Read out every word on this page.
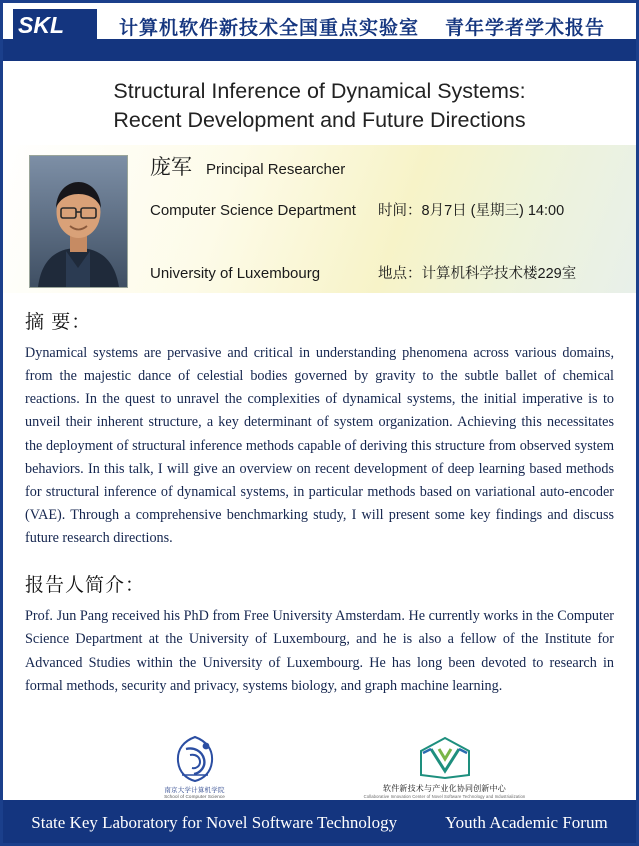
SKL	计算机软件新技术全国重点实验室 青年学者学术报告
Structural Inference of Dynamical Systems:
Recent Development and Future Directions
庞军 Principal Researcher
Computer Science Department	时间： 8月7日 (星期三) 14:00
University of Luxembourg	地点： 计算机科学技术楼229室
摘 要：

Dynamical systems are pervasive and critical in understanding phenomena across various domains, from the majestic dance of celestial bodies governed by gravity to the subtle ballet of chemical reactions. In the quest to unravel the complexities of dynamical systems, the initial imperative is to unveil their inherent structure, a key determinant of system organization. Achieving this necessitates the deployment of structural inference methods capable of deriving this structure from observed system behaviors. In this talk, I will give an overview on recent development of deep learning based methods for structural inference of dynamical systems, in particular methods based on variational auto-encoder (VAE). Through a comprehensive benchmarking study, I will present some key findings and discuss future research directions.

报告人简介：

Prof. Jun Pang received his PhD from Free University Amsterdam. He currently works in the Computer Science Department at the University of Luxembourg, and he is also a fellow of the Institute for Advanced Studies within the University of Luxembourg. He has long been devoted to research in formal methods, security and privacy, systems biology, and graph machine learning.

南京大学计算机学院
School of Computer Science
软件新技术与产业化协同创新中心
Collaborative Innovation Center of Novel Software Technology and Industrialization
State Key Laboratory for Novel Software Technology	Youth Academic Forum
